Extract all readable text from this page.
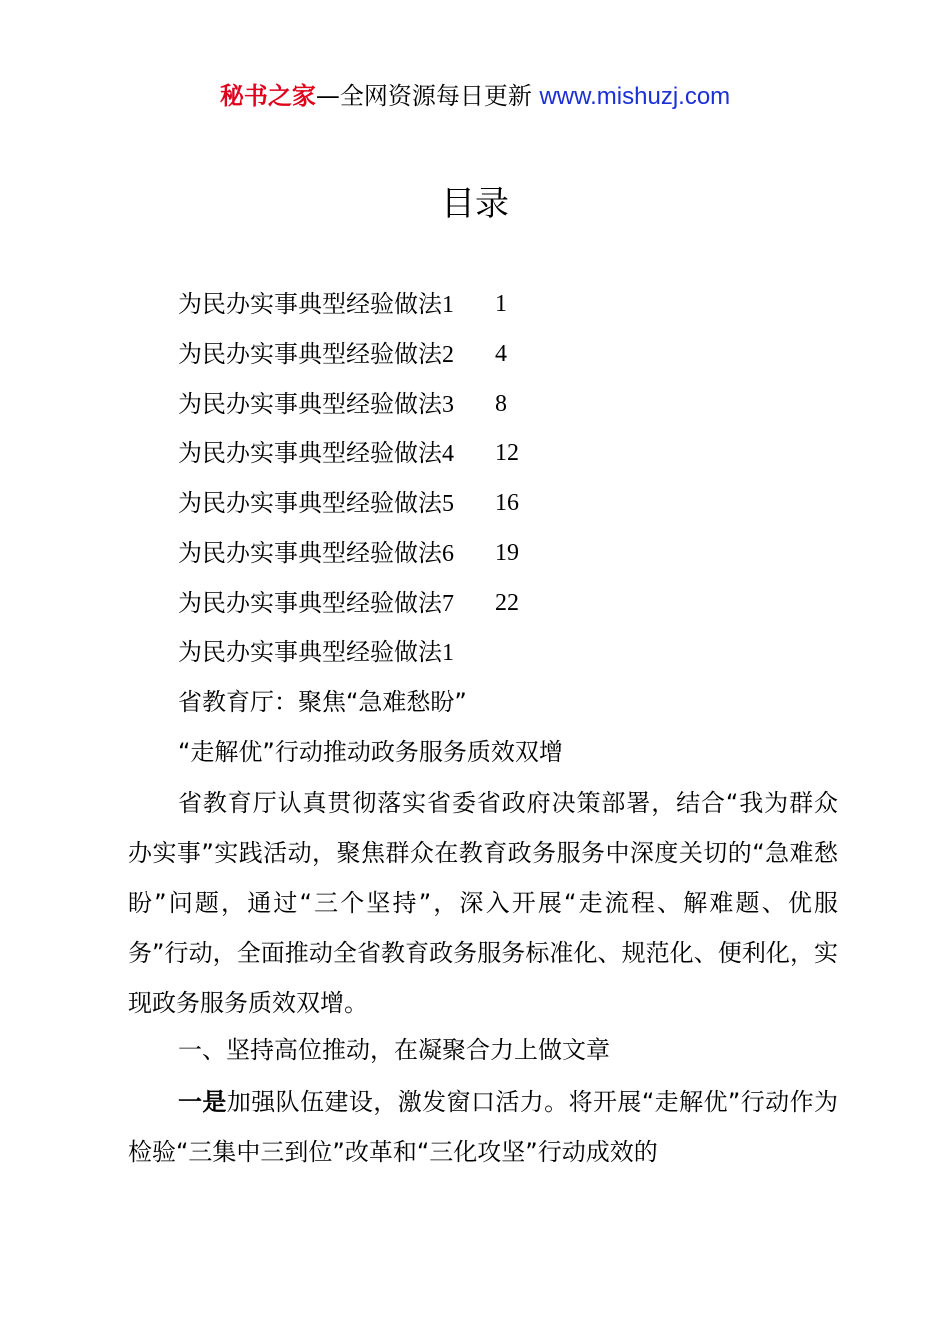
秘书之家—全网资源每日更新 www.mishuzj.com
目录
为民办实事典型经验做法1 1
为民办实事典型经验做法2 4
为民办实事典型经验做法3 8
为民办实事典型经验做法4 12
为民办实事典型经验做法5 16
为民办实事典型经验做法6 19
为民办实事典型经验做法7 22
为民办实事典型经验做法1
省教育厅：聚焦“急难愁盼”
“走解优”行动推动政务服务质效双增

省教育厅认真贯彻落实省委省政府决策部署，结合“我为群众办实事”实践活动，聚焦群众在教育政务服务中深度关切的“急难愁盼”问题，通过“三个坚持”，深入开展“走流程、解难题、优服务”行动，全面推动全省教育政务服务标准化、规范化、便利化，实现政务服务质效双增。

一、坚持高位推动，在凝聚合力上做文章

一是加强队伍建设，激发窗口活力。将开展“走解优”行动作为检验“三集中三到位”改革和“三化攻坚”行动成效的
